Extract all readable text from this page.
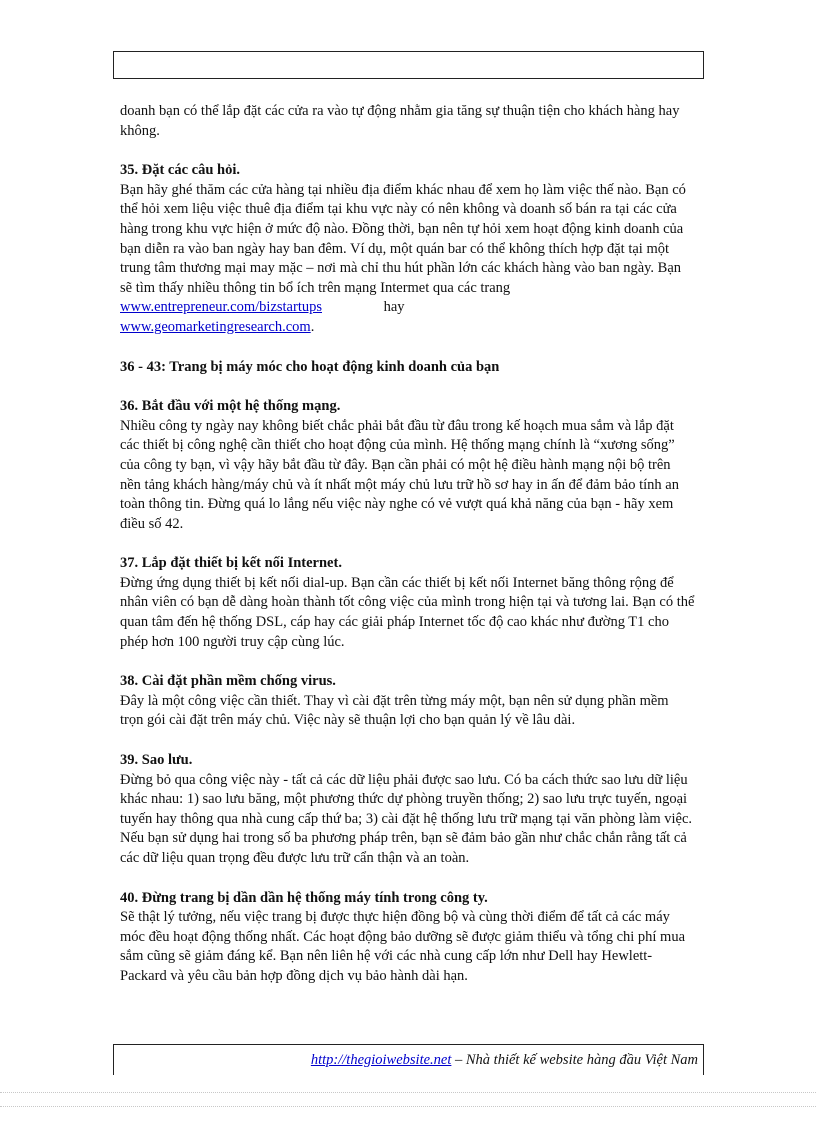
doanh bạn có thể lắp đặt các cửa ra vào tự động nhằm gia tăng sự thuận tiện cho khách hàng hay không.

35. Đặt các câu hỏi.

Bạn hãy ghé thăm các cửa hàng tại nhiều địa điểm khác nhau để xem họ làm việc thế nào. Bạn có thể hỏi xem liệu việc thuê địa điểm tại khu vực này có nên không và doanh số bán ra tại các cửa hàng trong khu vực hiện ở mức độ nào. Đồng thời, bạn nên tự hỏi xem hoạt động kinh doanh của bạn diễn ra vào ban ngày hay ban đêm. Ví dụ, một quán bar có thể không thích hợp đặt tại một trung tâm thương mại may mặc – nơi mà chỉ thu hút phần lớn các khách hàng vào ban ngày. Bạn sẽ tìm thấy nhiều thông tin bổ ích trên mạng Intermet qua các trang www.entrepreneur.com/bizstartups	hay
www.geomarketingresearch.com.

36 - 43: Trang bị máy móc cho hoạt động kinh doanh của bạn
36. Bắt đầu với một hệ thống mạng.

Nhiều công ty ngày nay không biết chắc phải bắt đầu từ đâu trong kế hoạch mua sắm và lắp đặt các thiết bị công nghệ cần thiết cho hoạt động của mình. Hệ thống mạng chính là “xương sống” của công ty bạn, vì vậy hãy bắt đầu từ đây. Bạn cần phải có một hệ điều hành mạng nội bộ trên nền tảng khách hàng/máy chủ và ít nhất một máy chủ lưu trữ hồ sơ hay in ấn để đảm bảo tính an toàn thông tin. Đừng quá lo lắng nếu việc này nghe có vẻ vượt quá khả năng của bạn - hãy xem điều số 42.

37. Lắp đặt thiết bị kết nối Internet.

Đừng ứng dụng thiết bị kết nối dial-up. Bạn cần các thiết bị kết nối Internet băng thông rộng để nhân viên có bạn dễ dàng hoàn thành tốt công việc của mình trong hiện tại và tương lai. Bạn có thể quan tâm đến hệ thống DSL, cáp hay các giải pháp Internet tốc độ cao khác như đường T1 cho phép hơn 100 người truy cập cùng lúc.

38. Cài đặt phần mềm chống virus.

Đây là một công việc cần thiết. Thay vì cài đặt trên từng máy một, bạn nên sử dụng phần mềm trọn gói cài đặt trên máy chủ. Việc này sẽ thuận lợi cho bạn quản lý về lâu dài.

39. Sao lưu.

Đừng bỏ qua công việc này - tất cả các dữ liệu phải được sao lưu. Có ba cách thức sao lưu dữ liệu khác nhau: 1) sao lưu băng, một phương thức dự phòng truyền thống; 2) sao lưu trực tuyến, ngoại tuyến hay thông qua nhà cung cấp thứ ba; 3) cài đặt hệ thống lưu trữ mạng tại văn phòng làm việc. Nếu bạn sử dụng hai trong số ba phương pháp trên, bạn sẽ đảm bảo gần như chắc chắn rằng tất cả các dữ liệu quan trọng đều được lưu trữ cẩn thận và an toàn.

40. Đừng trang bị dần dần hệ thống máy tính trong công ty.

Sẽ thật lý tưởng, nếu việc trang bị được thực hiện đồng bộ và cùng thời điểm để tất cả các máy móc đều hoạt động thống nhất. Các hoạt động bảo dưỡng sẽ được giảm thiểu và tổng chi phí mua sắm cũng sẽ giảm đáng kể. Bạn nên liên hệ với các nhà cung cấp lớn như Dell hay Hewlett-Packard và yêu cầu bản hợp đồng dịch vụ bảo hành dài hạn.

http://thegioiwebsite.net – Nhà thiết kế website hàng đầu Việt Nam
